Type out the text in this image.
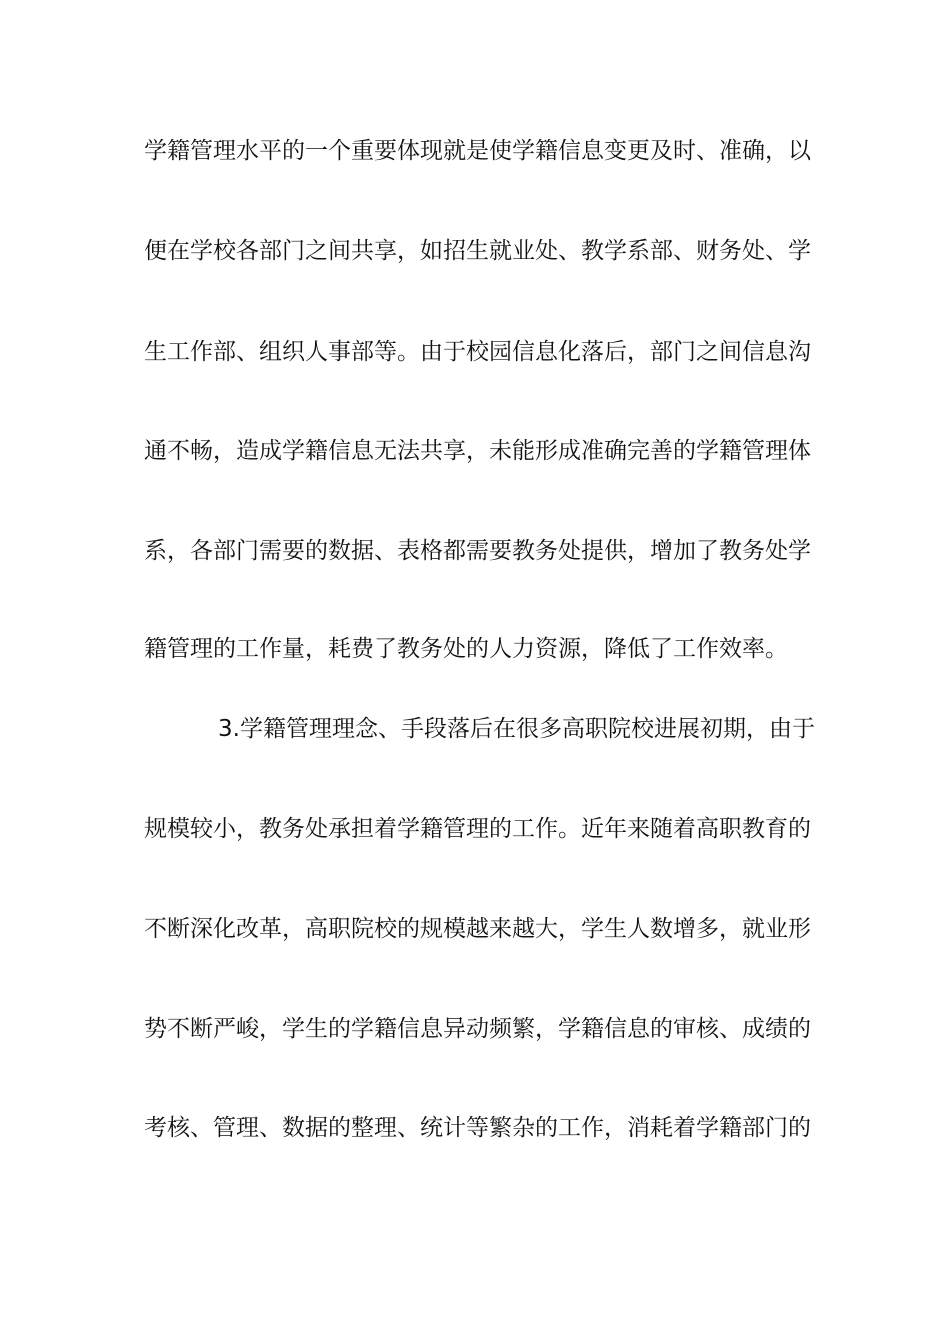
学籍管理水平的一个重要体现就是使学籍信息变更及时、准确，以
便在学校各部门之间共享，如招生就业处、教学系部、财务处、学
生工作部、组织人事部等。由于校园信息化落后，部门之间信息沟
通不畅，造成学籍信息无法共享，未能形成准确完善的学籍管理体
系，各部门需要的数据、表格都需要教务处提供，增加了教务处学
籍管理的工作量，耗费了教务处的人力资源，降低了工作效率。
3.学籍管理理念、手段落后在很多高职院校进展初期，由于
规模较小，教务处承担着学籍管理的工作。近年来随着高职教育的
不断深化改革，高职院校的规模越来越大，学生人数增多，就业形
势不断严峻，学生的学籍信息异动频繁，学籍信息的审核、成绩的
考核、管理、数据的整理、统计等繁杂的工作，消耗着学籍部门的
